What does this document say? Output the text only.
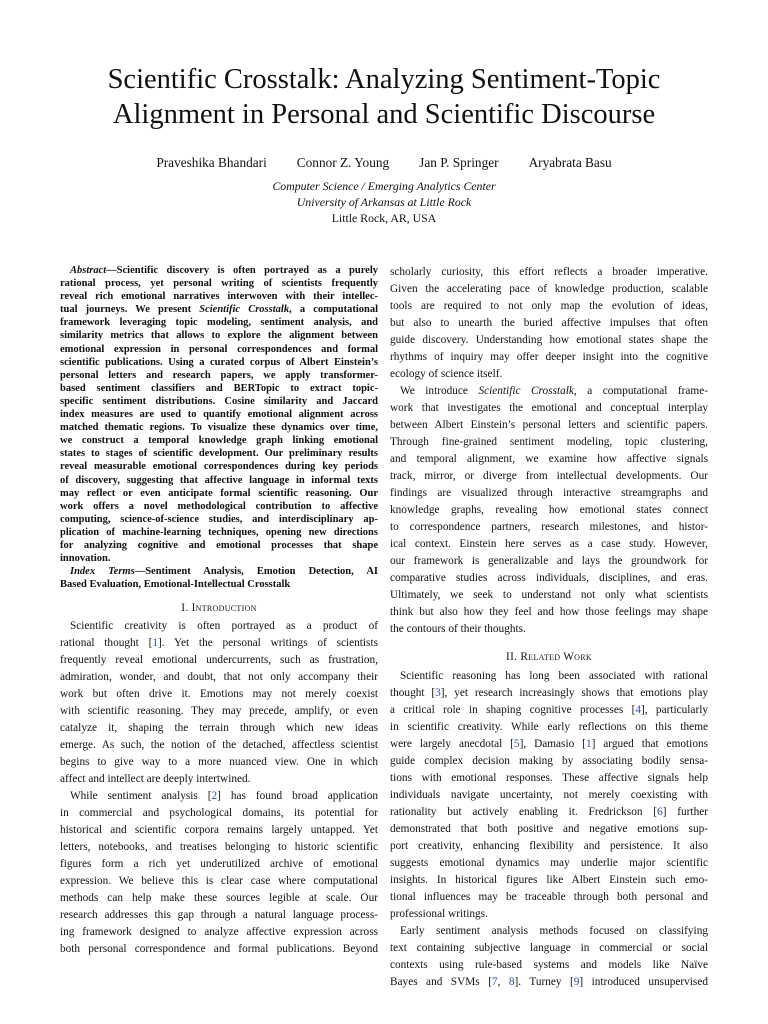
Scientific Crosstalk: Analyzing Sentiment-Topic
Alignment in Personal and Scientific Discourse
Praveshika Bhandari Connor Z. Young Jan P. Springer Aryabrata Basu
Computer Science / Emerging Analytics Center
University of Arkansas at Little Rock
Little Rock, AR, USA
Abstract—Scientific discovery is often portrayed as a purely
rational process, yet personal writing of scientists frequently
reveal rich emotional narratives interwoven with their intellec-
tual journeys. We present Scientific Crosstalk, a computational
framework leveraging topic modeling, sentiment analysis, and
similarity metrics that allows to explore the alignment between
emotional expression in personal correspondences and formal
scientific publications. Using a curated corpus of Albert Einstein’s
personal letters and research papers, we apply transformer-
based sentiment classifiers and BERTopic to extract topic-
specific sentiment distributions. Cosine similarity and Jaccard
index measures are used to quantify emotional alignment across
matched thematic regions. To visualize these dynamics over time,
we construct a temporal knowledge graph linking emotional
states to stages of scientific development. Our preliminary results
reveal measurable emotional correspondences during key periods
of discovery, suggesting that affective language in informal texts
may reflect or even anticipate formal scientific reasoning. Our
work offers a novel methodological contribution to affective
computing, science-of-science studies, and interdisciplinary ap-
plication of machine-learning techniques, opening new directions
for analyzing cognitive and emotional processes that shape
innovation.
Index Terms—Sentiment Analysis, Emotion Detection, AI
Based Evaluation, Emotional-Intellectual Crosstalk
I. Introduction
Scientific creativity is often portrayed as a product of
rational thought [1]. Yet the personal writings of scientists
frequently reveal emotional undercurrents, such as frustration,
admiration, wonder, and doubt, that not only accompany their
work but often drive it. Emotions may not merely coexist
with scientific reasoning. They may precede, amplify, or even
catalyze it, shaping the terrain through which new ideas
emerge. As such, the notion of the detached, affectless scientist
begins to give way to a more nuanced view. One in which
affect and intellect are deeply intertwined.
While sentiment analysis [2] has found broad application
in commercial and psychological domains, its potential for
historical and scientific corpora remains largely untapped. Yet
letters, notebooks, and treatises belonging to historic scientific
figures form a rich yet underutilized archive of emotional
expression. We believe this is clear case where computational
methods can help make these sources legible at scale. Our
research addresses this gap through a natural language process-
ing framework designed to analyze affective expression across
both personal correspondence and formal publications. Beyond
scholarly curiosity, this effort reflects a broader imperative.
Given the accelerating pace of knowledge production, scalable
tools are required to not only map the evolution of ideas,
but also to unearth the buried affective impulses that often
guide discovery. Understanding how emotional states shape the
rhythms of inquiry may offer deeper insight into the cognitive
ecology of science itself.
We introduce Scientific Crosstalk, a computational frame-
work that investigates the emotional and conceptual interplay
between Albert Einstein’s personal letters and scientific papers.
Through fine-grained sentiment modeling, topic clustering,
and temporal alignment, we examine how affective signals
track, mirror, or diverge from intellectual developments. Our
findings are visualized through interactive streamgraphs and
knowledge graphs, revealing how emotional states connect
to correspondence partners, research milestones, and histor-
ical context. Einstein here serves as a case study. However,
our framework is generalizable and lays the groundwork for
comparative studies across individuals, disciplines, and eras.
Ultimately, we seek to understand not only what scientists
think but also how they feel and how those feelings may shape
the contours of their thoughts.
II. Related Work
Scientific reasoning has long been associated with rational
thought [3], yet research increasingly shows that emotions play
a critical role in shaping cognitive processes [4], particularly
in scientific creativity. While early reflections on this theme
were largely anecdotal [5], Damasio [1] argued that emotions
guide complex decision making by associating bodily sensa-
tions with emotional responses. These affective signals help
individuals navigate uncertainty, not merely coexisting with
rationality but actively enabling it. Fredrickson [6] further
demonstrated that both positive and negative emotions sup-
port creativity, enhancing flexibility and persistence. It also
suggests emotional dynamics may underlie major scientific
insights. In historical figures like Albert Einstein such emo-
tional influences may be traceable through both personal and
professional writings.
Early sentiment analysis methods focused on classifying
text containing subjective language in commercial or social
contexts using rule-based systems and models like Naïve
Bayes and SVMs [7, 8]. Turney [9] introduced unsupervised
